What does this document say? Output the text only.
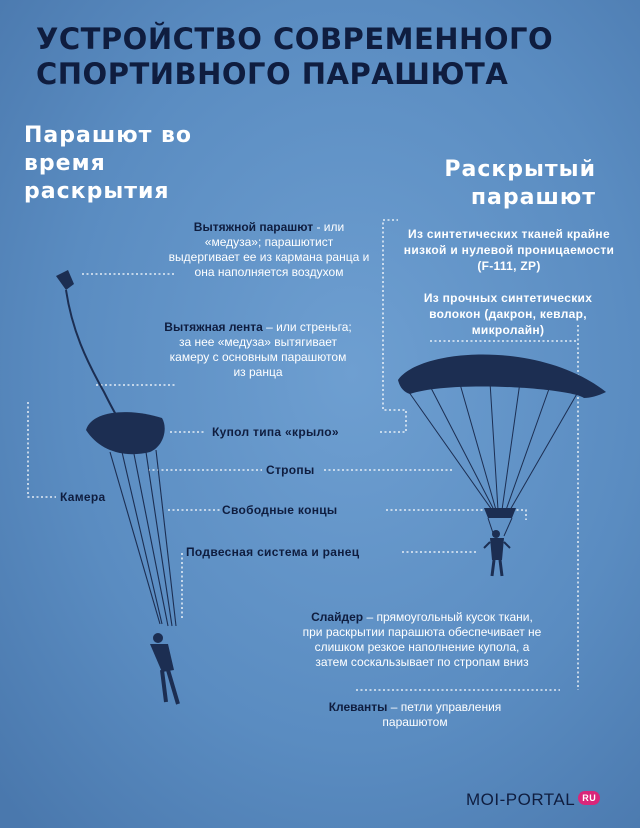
УСТРОЙСТВО СОВРЕМЕННОГО СПОРТИВНОГО ПАРАШЮТА
Парашют во время раскрытия
Раскрытый парашют
Вытяжной парашют - или «медуза»; парашютист выдергивает ее из кармана ранца и она наполняется воздухом
Вытяжная лента – или стреньга; за нее «медуза» вытягивает камеру с основным парашютом из ранца
Купол типа «крыло»
Стропы
Камера
Свободные концы
Подвесная система и ранец
Из синтетических тканей крайне низкой и нулевой проницаемости (F-111, ZP)
Из прочных синтетических волокон (дакрон, кевлар, микролайн)
Слайдер – прямоугольный кусок ткани, при раскрытии парашюта обеспечивает не слишком резкое наполнение купола, а затем соскальзывает по стропам вниз
Клеванты – петли управления парашютом
MOI-PORTAL RU
